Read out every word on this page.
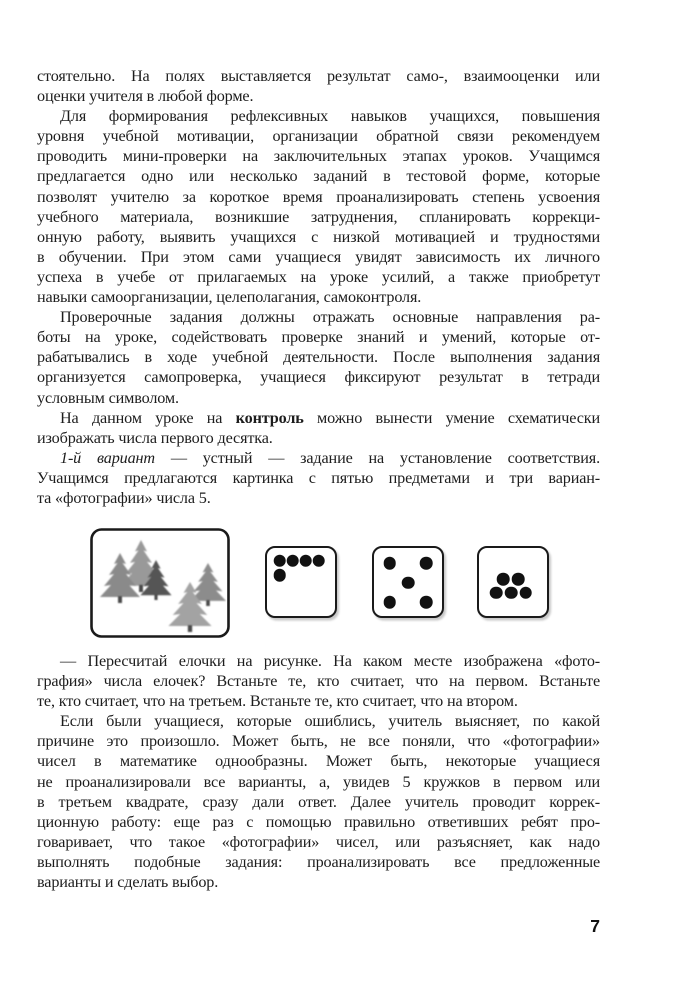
стоятельно. На полях выставляется результат само-, взаимооценки или
оценки учителя в любой форме.
Для формирования рефлексивных навыков учащихся, повышения
уровня учебной мотивации, организации обратной связи рекомендуем
проводить мини-проверки на заключительных этапах уроков. Учащимся
предлагается одно или несколько заданий в тестовой форме, которые
позволят учителю за короткое время проанализировать степень усвоения
учебного материала, возникшие затруднения, спланировать коррекци-
онную работу, выявить учащихся с низкой мотивацией и трудностями
в обучении. При этом сами учащиеся увидят зависимость их личного
успеха в учебе от прилагаемых на уроке усилий, а также приобретут
навыки самоорганизации, целеполагания, самоконтроля.
Проверочные задания должны отражать основные направления ра-
боты на уроке, содействовать проверке знаний и умений, которые от-
рабатывались в ходе учебной деятельности. После выполнения задания
организуется самопроверка, учащиеся фиксируют результат в тетради
условным символом.
На данном уроке на контроль можно вынести умение схематически
изображать числа первого десятка.
1-й вариант — устный — задание на установление соответствия.
Учащимся предлагаются картинка с пятью предметами и три вариан-
та «фотографии» числа 5.
— Пересчитай елочки на рисунке. На каком месте изображена «фото-
графия» числа елочек? Встаньте те, кто считает, что на первом. Встаньте
те, кто считает, что на третьем. Встаньте те, кто считает, что на втором.
Если были учащиеся, которые ошиблись, учитель выясняет, по какой
причине это произошло. Может быть, не все поняли, что «фотографии»
чисел в математике однообразны. Может быть, некоторые учащиеся
не проанализировали все варианты, а, увидев 5 кружков в первом или
в третьем квадрате, сразу дали ответ. Далее учитель проводит коррек-
ционную работу: еще раз с помощью правильно ответивших ребят про-
говаривает, что такое «фотографии» чисел, или разъясняет, как надо
выполнять подобные задания: проанализировать все предложенные
варианты и сделать выбор.
7
